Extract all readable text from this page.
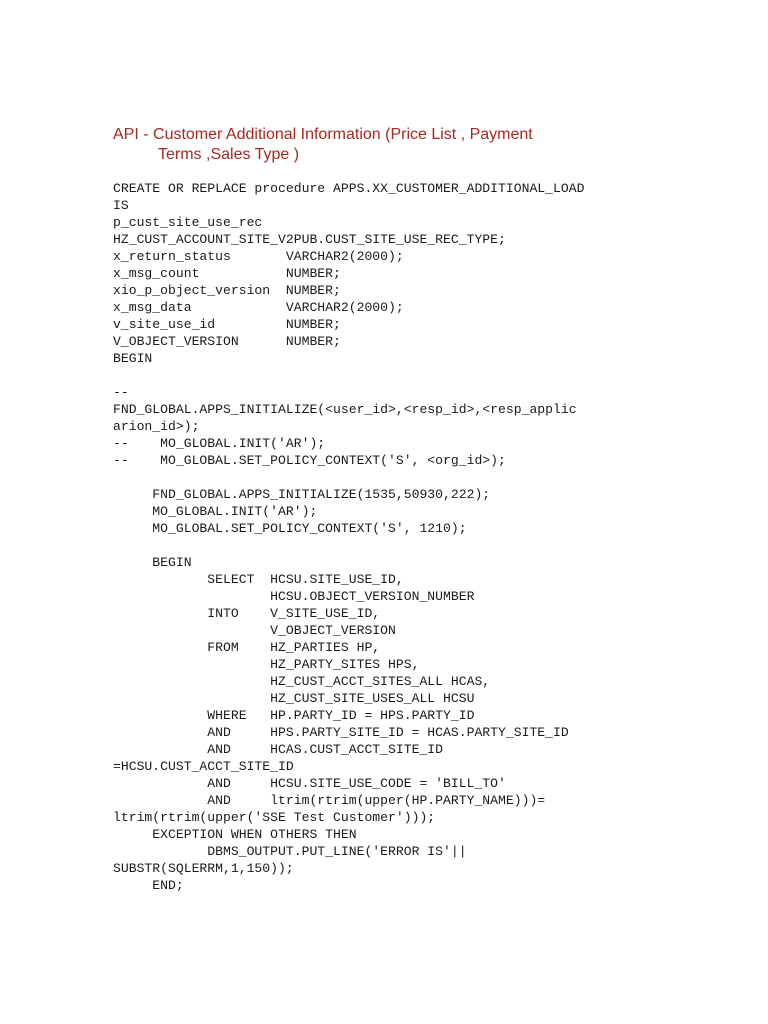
API - Customer Additional Information (Price List , Payment
Terms ,Sales Type )
CREATE OR REPLACE procedure APPS.XX_CUSTOMER_ADDITIONAL_LOAD
IS
p_cust_site_use_rec
HZ_CUST_ACCOUNT_SITE_V2PUB.CUST_SITE_USE_REC_TYPE;
x_return_status       VARCHAR2(2000);
x_msg_count           NUMBER;
xio_p_object_version  NUMBER;
x_msg_data            VARCHAR2(2000);
v_site_use_id         NUMBER;
V_OBJECT_VERSION      NUMBER;
BEGIN
--
FND_GLOBAL.APPS_INITIALIZE(<user_id>,<resp_id>,<resp_applic
arion_id>);
--    MO_GLOBAL.INIT('AR');
--    MO_GLOBAL.SET_POLICY_CONTEXT('S', <org_id>);
FND_GLOBAL.APPS_INITIALIZE(1535,50930,222);
MO_GLOBAL.INIT('AR');
MO_GLOBAL.SET_POLICY_CONTEXT('S', 1210);
BEGIN
SELECT  HCSU.SITE_USE_ID,
HCSU.OBJECT_VERSION_NUMBER
INTO    V_SITE_USE_ID,
V_OBJECT_VERSION
FROM    HZ_PARTIES HP,
HZ_PARTY_SITES HPS,
HZ_CUST_ACCT_SITES_ALL HCAS,
HZ_CUST_SITE_USES_ALL HCSU
WHERE   HP.PARTY_ID = HPS.PARTY_ID
AND     HPS.PARTY_SITE_ID = HCAS.PARTY_SITE_ID
AND     HCAS.CUST_ACCT_SITE_ID
=HCSU.CUST_ACCT_SITE_ID
AND     HCSU.SITE_USE_CODE = 'BILL_TO'
AND     ltrim(rtrim(upper(HP.PARTY_NAME)))=
ltrim(rtrim(upper('SSE Test Customer')));
EXCEPTION WHEN OTHERS THEN
DBMS_OUTPUT.PUT_LINE('ERROR IS'||
SUBSTR(SQLERRM,1,150));
END;
